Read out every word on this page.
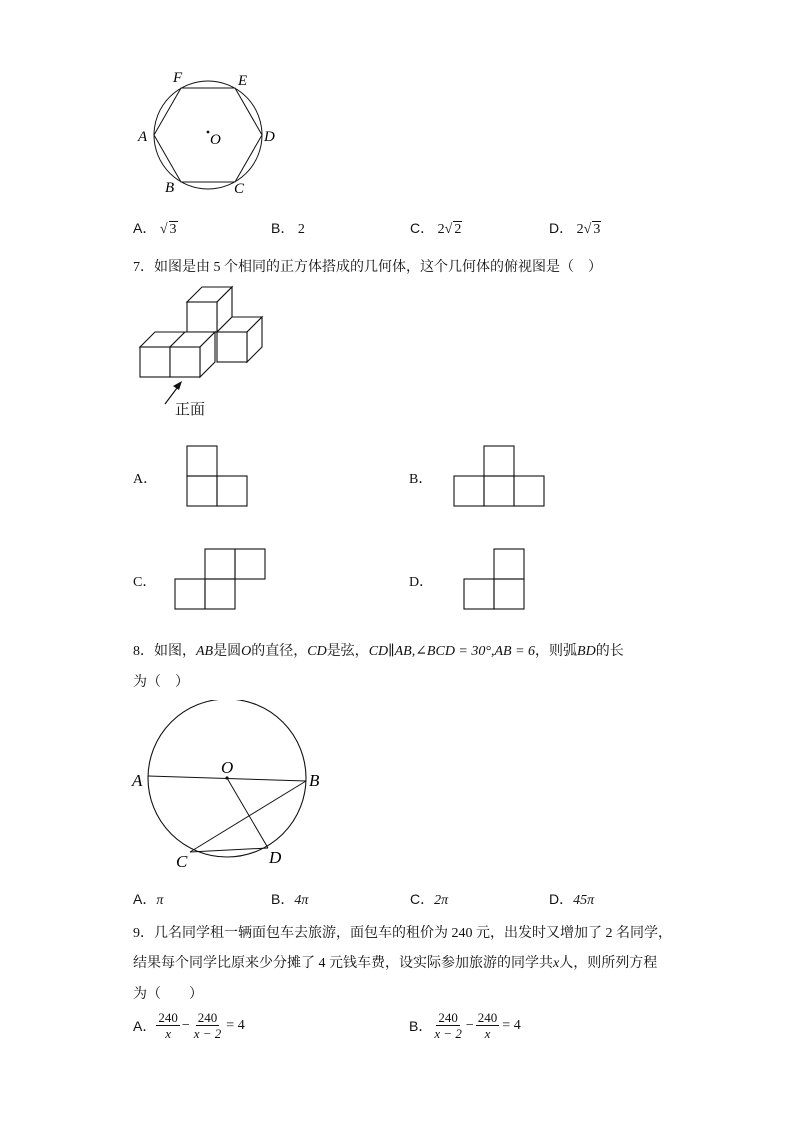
F	E
A	O	D
B	C
A． √ 3	B． 2	C． 2√ 2	D． 2√ 3
7．如图是由 5 个相同的正方体搭成的几何体，这个几何体的俯视图是（　）
正面
A．	B．
C．	D．
8．如图，AB是圆O的直径，CD是弦，CD∥AB,∠BCD = 30°,AB = 6，则弧BD的长
为（　）
O
A	B
C	D
A．π	B．4π	C．2π	D．45π
9．几名同学租一辆面包车去旅游，面包车的租价为 240 元，出发时又增加了 2 名同学，
结果每个同学比原来少分摊了 4 元钱车费，设实际参加旅游的同学共x人，则所列方程
为（　　）
A． $\frac{240}{x} - \frac{240}{x - 2} = 4$	B． $\frac{240}{x - 2} - \frac{240}{x} = 4$
